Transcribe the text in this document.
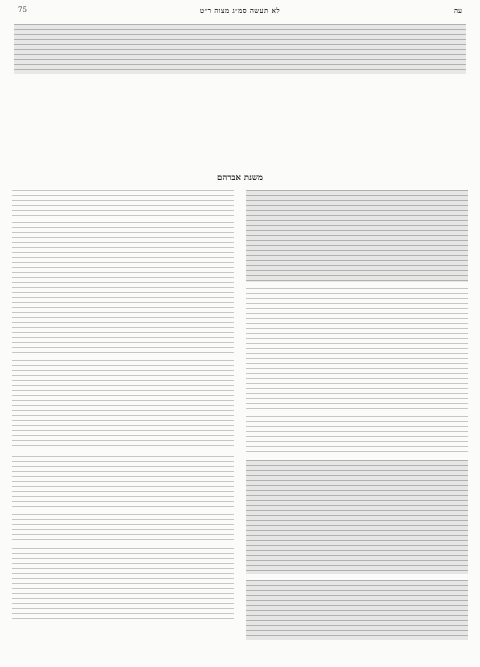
75	לא תעשה סמ״ג מצוה ר״ט	עה
משנת אברהם
